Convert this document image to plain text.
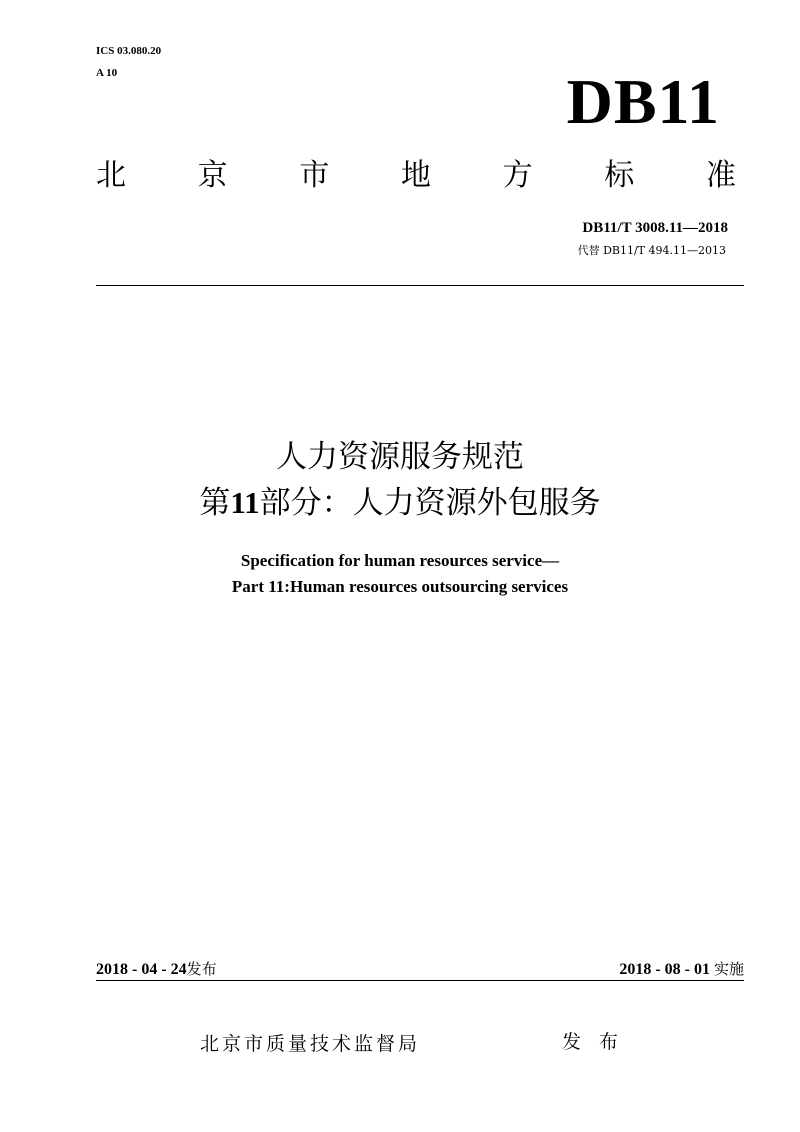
ICS 03.080.20
A 10	DB11
北 京 市 地 方 标 准
DB11/T 3008.11—2018
代替 DB11/T 494.11—2013
人力资源服务规范
第11部分：人力资源外包服务
Specification for human resources service—
Part 11:Human resources outsourcing services
2018 - 04 - 24发布	2018 - 08 - 01 实施
北京市质量技术监督局	发 布
